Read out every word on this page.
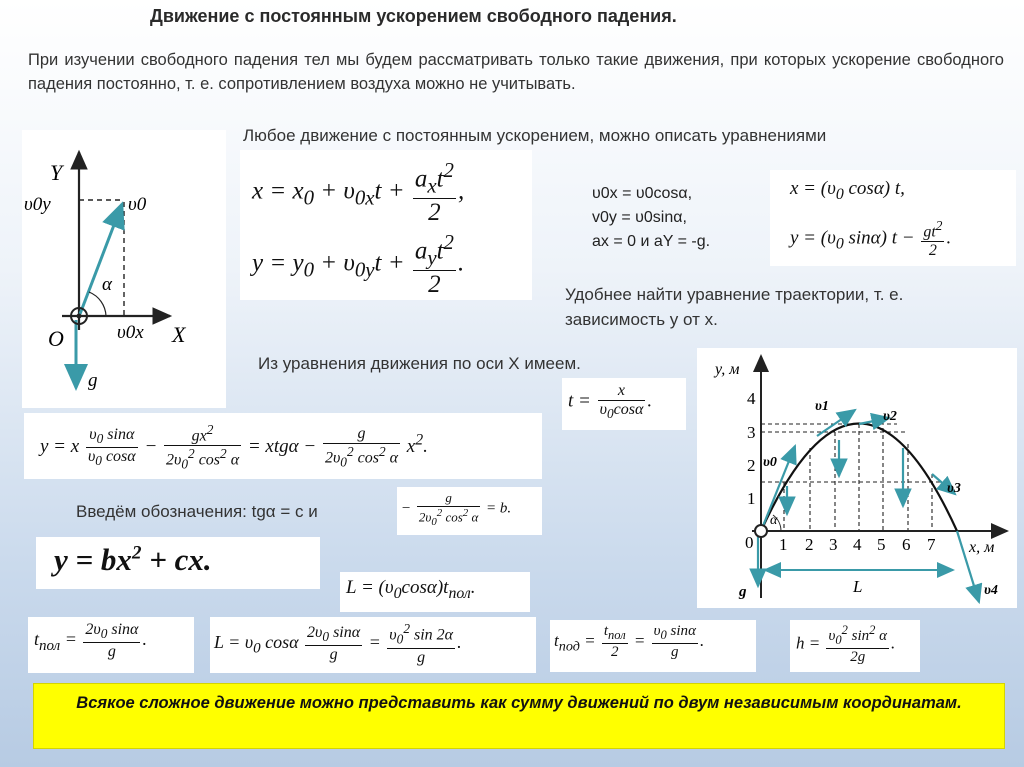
Движение с постоянным ускорением свободного падения.
При изучении свободного падения тел мы будем рассматривать только такие движения, при которых ускорение свободного падения постоянно, т. е. сопротивлением воздуха можно не учитывать.
Y
υ0y	υ0
α
O	υ0x X
g
Любое движение с постоянным ускорением, можно описать уравнениями
$x = x_0 + \upsilon_{0x}t + \frac{a_xt^2}{2}$ ,
$y = y_0 + \upsilon_{0y}t + \frac{a_yt^2}{2}$ .
υ0x = υ0cosα,
v0y = υ0sinα,
ax = 0 и aY = -g.
$x = (\upsilon_0$ cosα) t,
$y = (\upsilon_0$ sinα) $t - \frac{gt^2}{2}$ .
Удобнее найти уравнение траектории, т. е. зависимость y от x.
Из уравнения движения по оси X имеем.
$t = \frac{x}{\upsilon_0\cos\alpha}$ .
y = x $\frac{\upsilon_0 \sin\alpha}{\upsilon_0 \cos\alpha} - \frac{gx^2}{2\upsilon_0^2 \cos^2 \alpha} = xtg\alpha - \frac{g}{2\upsilon_0^2 \cos^2 \alpha} x^2$.
Введём обозначения: tgα = c и	− $\frac{g}{2\upsilon_0^2 \cos^2 \alpha} = b$.
$y = bx^2$ + cx.
$L = (\upsilon_0\cos\alpha)t_{пол}$.
$t_{пол} = \frac{2\upsilon_0 \sin\alpha}{g}$ .	$L = \upsilon_0$ cosα $\frac{2\upsilon_0 \sin\alpha}{g} = \frac{\upsilon_0^2 \sin 2\alpha}{g}$ .	$t_{под} = \frac{t_{пол}}{2} = \frac{\upsilon_0 \sin\alpha}{g}$ .	$h = \frac{\upsilon_0^2 \sin^2 \alpha}{2g}$ .
y, м
4
3
2
1
0 1 2 3 4 5 6 7 x, м
υ0
υ1
υ2
υ3
υ4
α
L
g
Всякое сложное движение можно представить как сумму движений по двум независимым координатам.
